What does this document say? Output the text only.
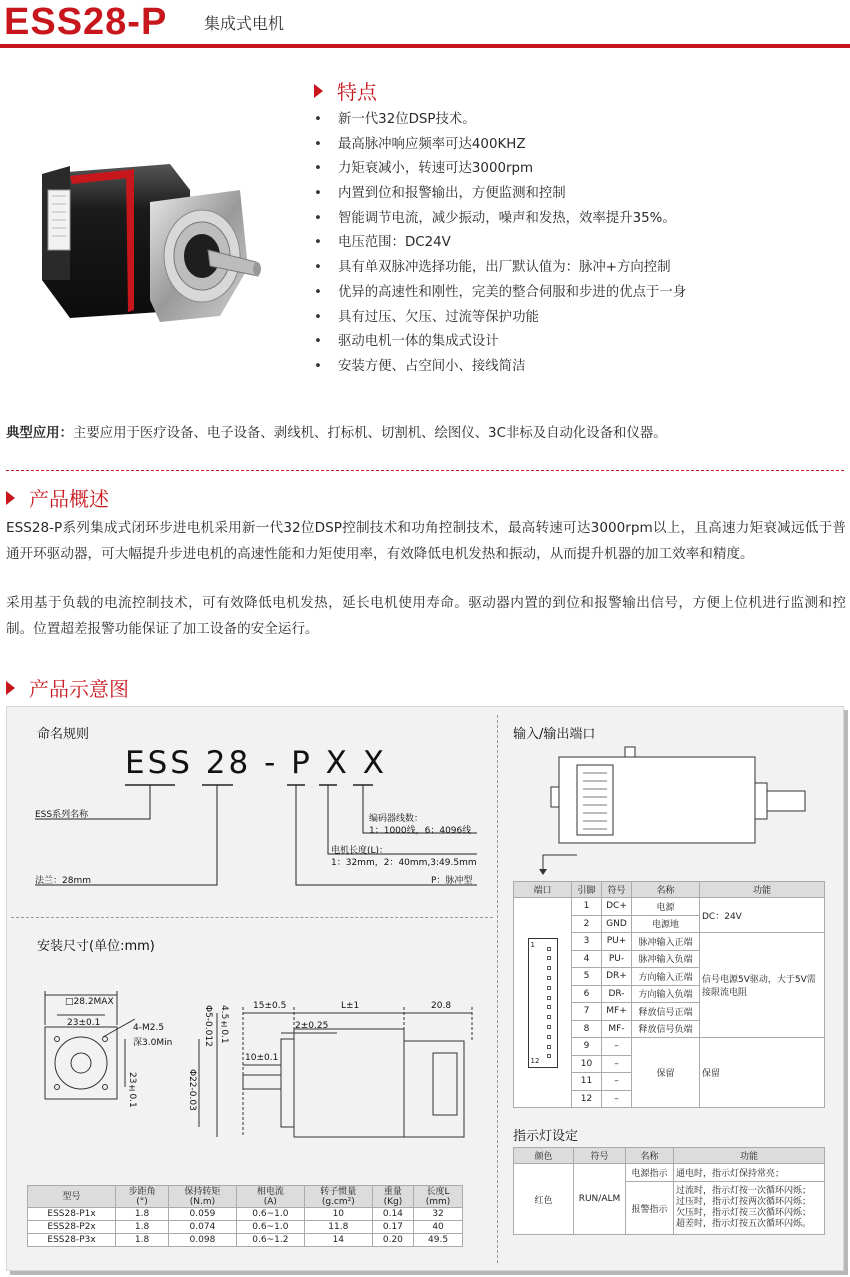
ESS28-P 集成式电机
特点
• 新一代32位DSP技术。
• 最高脉冲响应频率可达400KHZ
• 力矩衰减小，转速可达3000rpm
• 内置到位和报警输出，方便监测和控制
• 智能调节电流，减少振动，噪声和发热，效率提升35%。
• 电压范围：DC24V
• 具有单双脉冲选择功能，出厂默认值为：脉冲+方向控制
• 优异的高速性和刚性，完美的整合伺服和步进的优点于一身
• 具有过压、欠压、过流等保护功能
• 驱动电机一体的集成式设计
• 安装方便、占空间小、接线简洁
典型应用：主要应用于医疗设备、电子设备、剥线机、打标机、切割机、绘图仪、3C非标及自动化设备和仪器。
产品概述
ESS28-P系列集成式闭环步进电机采用新一代32位DSP控制技术和功角控制技术，最高转速可达3000rpm以上，且高速力矩衰减远低于普通开环驱动器，可大幅提升步进电机的高速性能和力矩使用率，有效降低电机发热和振动，从而提升机器的加工效率和精度。
采用基于负载的电流控制技术，可有效降低电机发热，延长电机使用寿命。驱动器内置的到位和报警输出信号，方便上位机进行监测和控制。位置超差报警功能保证了加工设备的安全运行。
产品示意图
命名规则
ESS 28 - P X X
ESS系列名称	编码器线数：
1：1000线，6：4096线
电机长度(L)：
1：32mm，2：40mm,3:49.5mm
P：脉冲型
法兰：28mm
安装尺寸(单位:mm)
□28.2MAX
23±0.1	4-M2.5
深3.0Min
23±0.1
15±0.5	L±1	20.8
2±0.25
10±0.1
4.5±0.1
Φ5-0.012
Φ22-0.03
型号	步距角
(°)	保持转矩
(N.m)	相电流
(A)	转子惯量
(g.cm²)	重量
(Kg)	长度L
(mm)
ESS28-P1x	1.8	0.059	0.6~1.0	10	0.14	32
ESS28-P2x	1.8	0.074	0.6~1.0	11.8	0.17	40
ESS28-P3x	1.8	0.098	0.6~1.2	14	0.20	49.5
输入/输出端口
端口	引脚	符号	名称	功能

1
12	1	DC+	电源	DC：24V
	2	GND	电源地	
	3	PU+	脉冲输入正端	信号电源5V驱动，大于5V需接限流电阻
	4	PU-	脉冲输入负端	
	5	DR+	方向输入正端	
	6	DR-	方向输入负端	
	7	MF+	释放信号正端	
	8	MF-	释放信号负端	
	9	–	保留	保留
	10	–		
	11	–		
	12	–		
指示灯设定
颜色	符号	名称	功能
红色	RUN/ALM	电源指示	通电时，指示灯保持常亮；
		报警指示	过流时，指示灯按一次循环闪烁；
过压时，指示灯按两次循环闪烁；
欠压时，指示灯按三次循环闪烁；
超差时，指示灯按五次循环闪烁。
